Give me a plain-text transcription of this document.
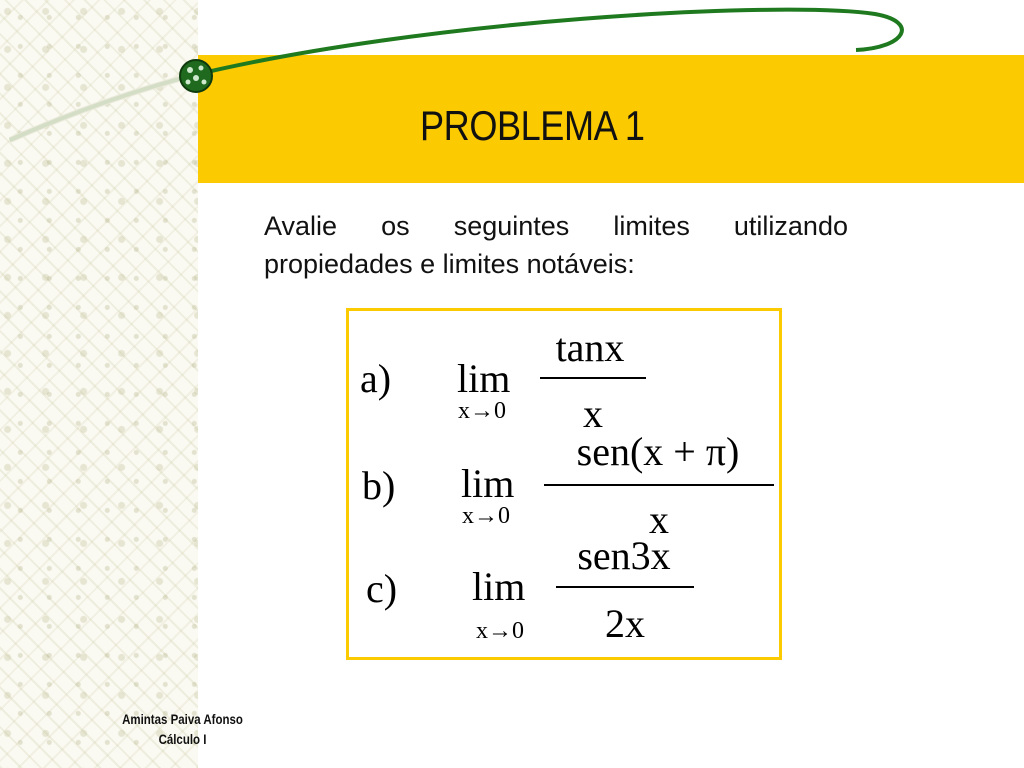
PROBLEMA 1
Avalie os seguintes limites utilizando propiedades e limites notáveis:
a) lim
x→0
tanx
x
b) lim
x→0
sen(x + π)
x
c) lim
x→0
sen3x
2x
Amintas Paiva Afonso
Cálculo I
